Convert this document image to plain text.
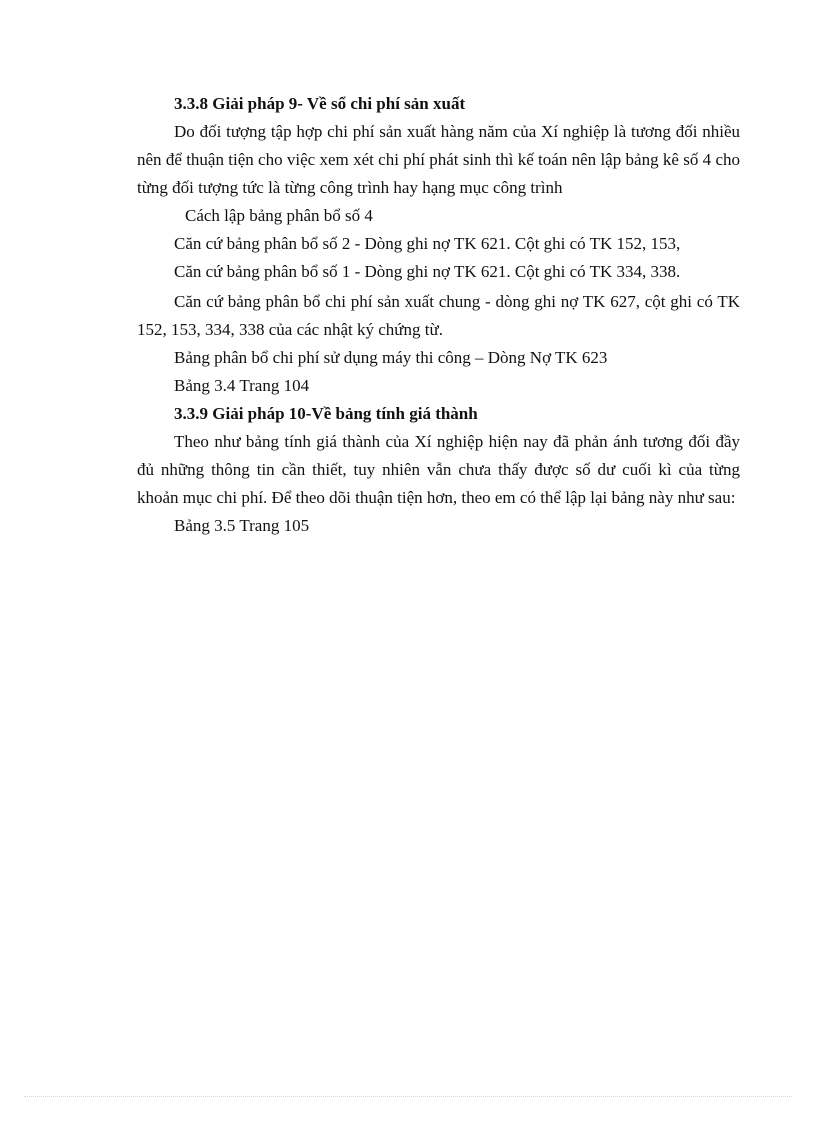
3.3.8 Giải pháp 9- Về sổ chi phí sản xuất

Do đối tượng tập hợp chi phí sản xuất hàng năm của Xí nghiệp là tương đối nhiều nên để thuận tiện cho việc xem xét chi phí phát sinh thì kế toán nên lập bảng kê số 4 cho từng đối tượng tức là từng công trình hay hạng mục công trình

Cách lập bảng phân bổ số 4

Căn cứ bảng phân bổ số 2 - Dòng ghi nợ TK 621. Cột ghi có TK 152, 153,

Căn cứ bảng phân bổ số 1 - Dòng ghi nợ TK 621. Cột ghi có TK 334, 338.

Căn cứ bảng phân bổ chi phí sản xuất chung - dòng ghi nợ TK 627, cột ghi có TK 152, 153, 334, 338 của các nhật ký chứng từ.

Bảng phân bổ chi phí sử dụng máy thi công – Dòng Nợ TK 623

Bảng 3.4 Trang 104

3.3.9 Giải pháp 10-Về bảng tính giá thành

Theo như bảng tính giá thành của Xí nghiệp hiện nay đã phản ánh tương đối đầy đủ những thông tin cần thiết, tuy nhiên vẫn chưa thấy được số dư cuối kì của từng khoản mục chi phí. Để theo dõi thuận tiện hơn, theo em có thể lập lại bảng này như sau:

Bảng 3.5 Trang 105
